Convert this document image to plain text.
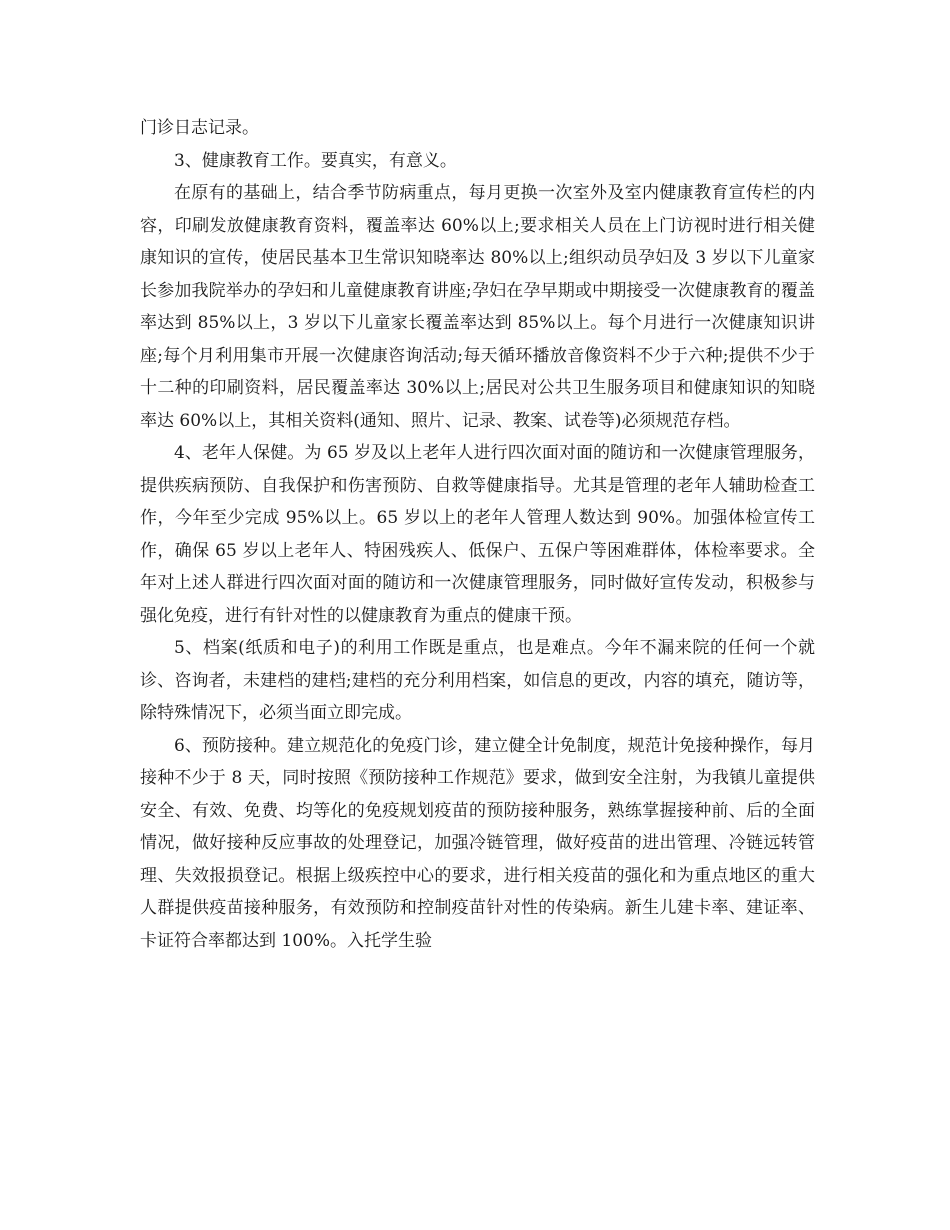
门诊日志记录。

3、健康教育工作。要真实，有意义。

在原有的基础上，结合季节防病重点，每月更换一次室外及室内健康教育宣传栏的内容，印刷发放健康教育资料，覆盖率达 60%以上;要求相关人员在上门访视时进行相关健康知识的宣传，使居民基本卫生常识知晓率达 80%以上;组织动员孕妇及 3 岁以下儿童家长参加我院举办的孕妇和儿童健康教育讲座;孕妇在孕早期或中期接受一次健康教育的覆盖率达到 85%以上，3 岁以下儿童家长覆盖率达到 85%以上。每个月进行一次健康知识讲座;每个月利用集市开展一次健康咨询活动;每天循环播放音像资料不少于六种;提供不少于十二种的印刷资料，居民覆盖率达 30%以上;居民对公共卫生服务项目和健康知识的知晓率达 60%以上，其相关资料(通知、照片、记录、教案、试卷等)必须规范存档。

4、老年人保健。为 65 岁及以上老年人进行四次面对面的随访和一次健康管理服务，提供疾病预防、自我保护和伤害预防、自救等健康指导。尤其是管理的老年人辅助检查工作，今年至少完成 95%以上。65 岁以上的老年人管理人数达到 90%。加强体检宣传工作，确保 65 岁以上老年人、特困残疾人、低保户、五保户等困难群体，体检率要求。全年对上述人群进行四次面对面的随访和一次健康管理服务，同时做好宣传发动，积极参与强化免疫，进行有针对性的以健康教育为重点的健康干预。

5、档案(纸质和电子)的利用工作既是重点，也是难点。今年不漏来院的任何一个就诊、咨询者，未建档的建档;建档的充分利用档案，如信息的更改，内容的填充，随访等，除特殊情况下，必须当面立即完成。

6、预防接种。建立规范化的免疫门诊，建立健全计免制度，规范计免接种操作，每月接种不少于 8 天，同时按照《预防接种工作规范》要求，做到安全注射，为我镇儿童提供安全、有效、免费、均等化的免疫规划疫苗的预防接种服务，熟练掌握接种前、后的全面情况，做好接种反应事故的处理登记，加强冷链管理，做好疫苗的进出管理、冷链远转管理、失效报损登记。根据上级疾控中心的要求，进行相关疫苗的强化和为重点地区的重大人群提供疫苗接种服务，有效预防和控制疫苗针对性的传染病。新生儿建卡率、建证率、卡证符合率都达到 100%。入托学生验
